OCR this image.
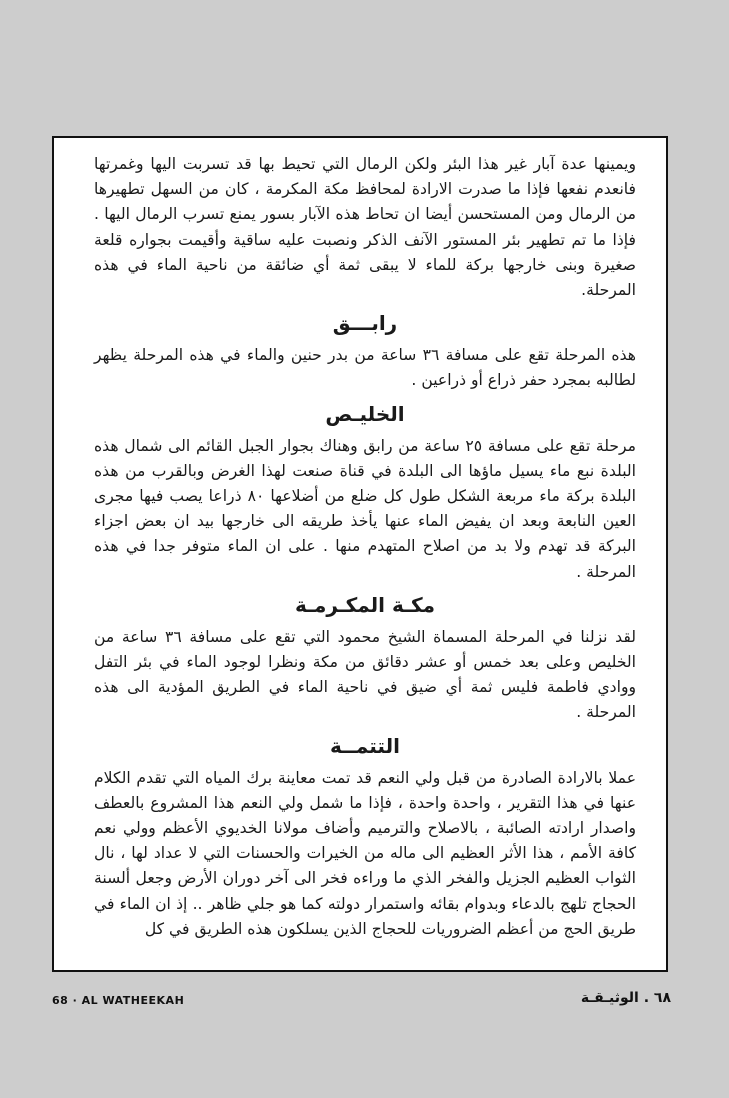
ويمينها عدة آبار غير هذا البئر ولكن الرمال التي تحيط بها قد تسربت اليها وغمرتها فانعدم نفعها فإذا ما صدرت الارادة لمحافظ مكة المكرمة ، كان من السهل تطهيرها من الرمال ومن المستحسن أيضا ان تحاط هذه الآبار بسور يمنع تسرب الرمال اليها . فإذا ما تم تطهير بئر المستور الآنف الذكر ونصبت عليه ساقية وأقيمت بجواره قلعة صغيرة وبنى خارجها بركة للماء لا يبقى ثمة أي ضائقة من ناحية الماء في هذه المرحلة.

رابـــق

هذه المرحلة تقع على مسافة ٣٦ ساعة من بدر حنين والماء في هذه المرحلة يظهر لطالبه بمجرد حفر ذراع أو ذراعين .

الخليـص

مرحلة تقع على مسافة ٢٥ ساعة من رابق وهناك بجوار الجبل القائم الى شمال هذه البلدة نبع ماء يسيل ماؤها الى البلدة في قناة صنعت لهذا الغرض وبالقرب من هذه البلدة بركة ماء مربعة الشكل طول كل ضلع من أضلاعها ٨٠ ذراعا يصب فيها مجرى العين النابعة وبعد ان يفيض الماء عنها يأخذ طريقه الى خارجها بيد ان بعض اجزاء البركة قد تهدم ولا بد من اصلاح المتهدم منها . على ان الماء متوفر جدا في هذه المرحلة .

مكـة المكـرمـة

لقد نزلنا في المرحلة المسماة الشيخ محمود التي تقع على مسافة ٣٦ ساعة من الخليص وعلى بعد خمس أو عشر دقائق من مكة ونظرا لوجود الماء في بئر التفل ووادي فاطمة فليس ثمة أي ضيق في ناحية الماء في الطريق المؤدية الى هذه المرحلة .

التتمــة

عملا بالارادة الصادرة من قبل ولي النعم قد تمت معاينة برك المياه التي تقدم الكلام عنها في هذا التقرير ، واحدة واحدة ، فإذا ما شمل ولي النعم هذا المشروع بالعطف واصدار ارادته الصائبة ، بالاصلاح والترميم وأضاف مولانا الخديوي الأعظم وولي نعم كافة الأمم ، هذا الأثر العظيم الى ماله من الخيرات والحسنات التي لا عداد لها ، نال الثواب العظيم الجزيل والفخر الذي ما وراءه فخر الى آخر دوران الأرض وجعل ألسنة الحجاج تلهج بالدعاء وبدوام بقائه واستمرار دولته كما هو جلي ظاهر .. إذ ان الماء في طريق الحج من أعظم الضروريات للحجاج الذين يسلكون هذه الطريق في كل

68 · AL WATHEEKAH	٦٨ . الوثيـقـة
